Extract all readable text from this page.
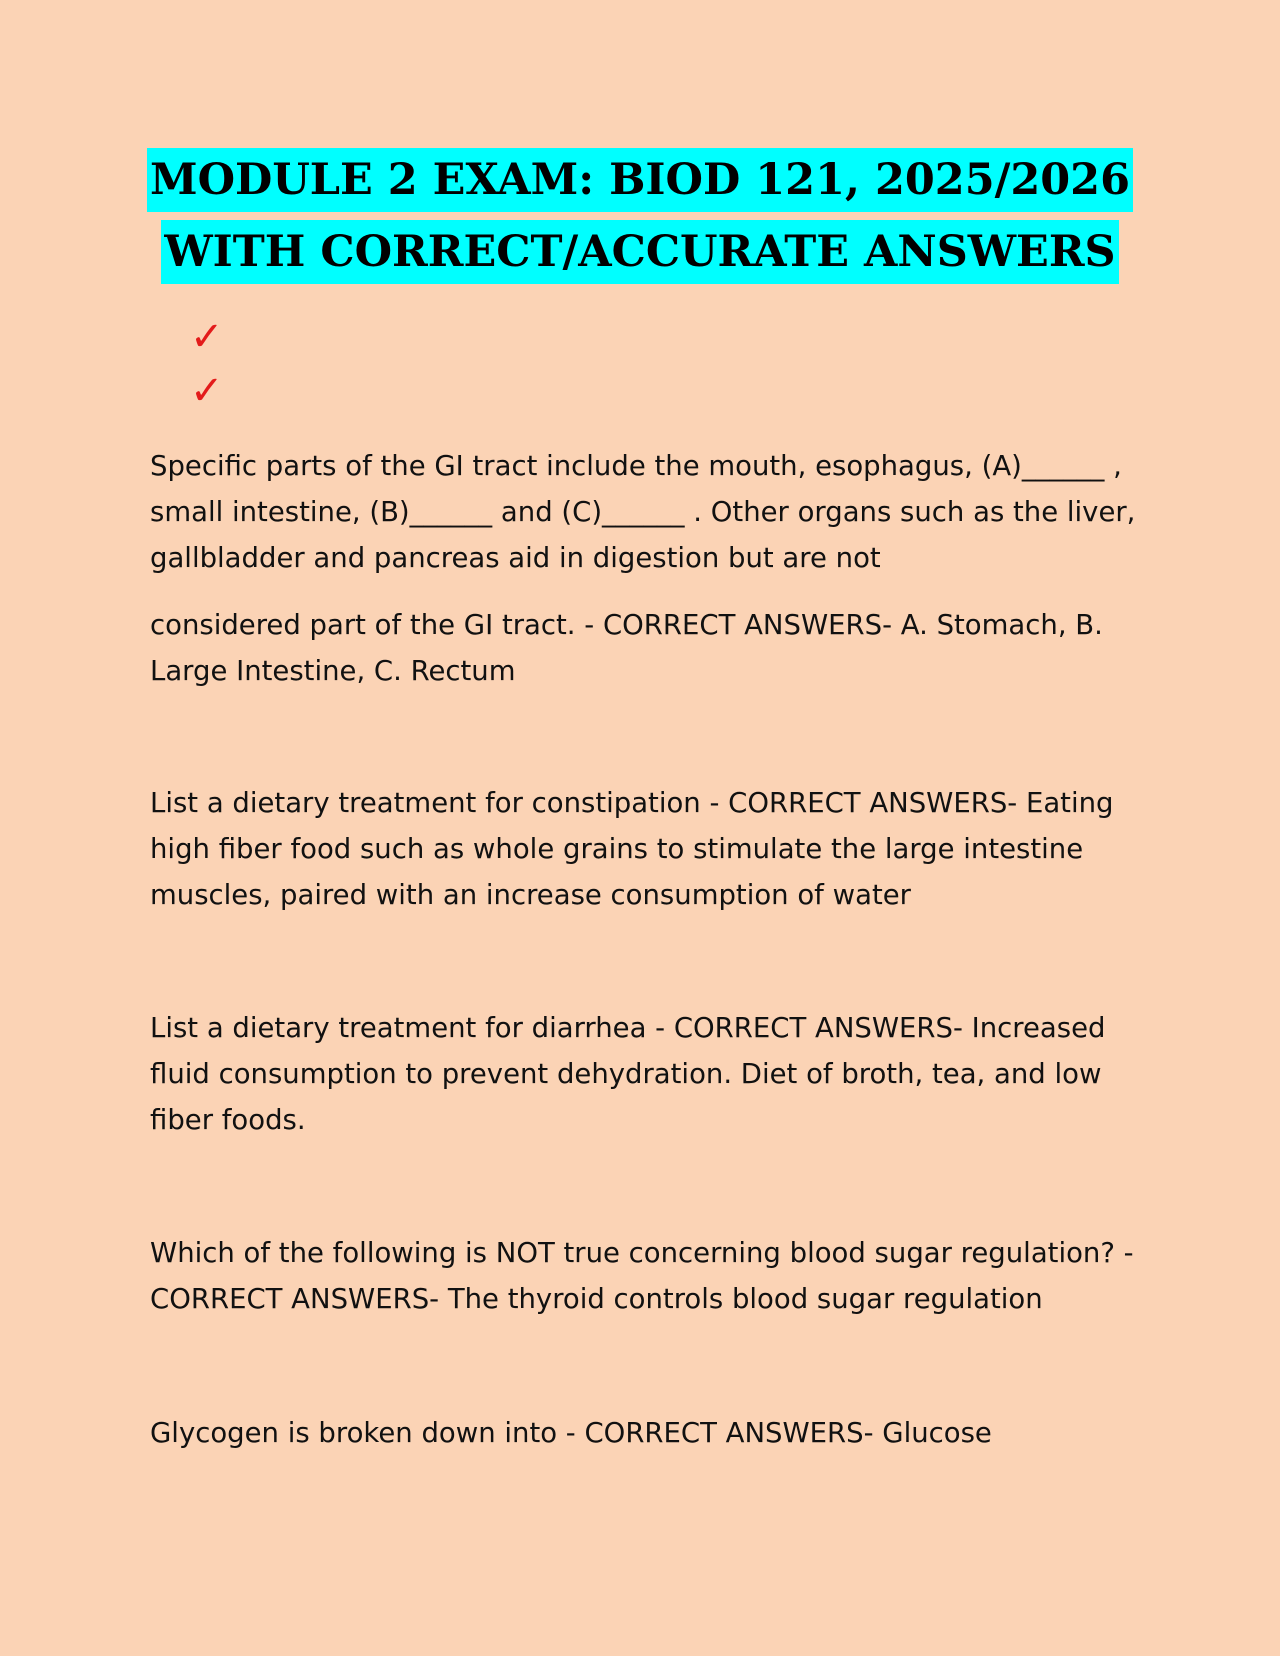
MODULE 2 EXAM: BIOD 121, 2025/2026
WITH CORRECT/ACCURATE ANSWERS
✓
✓

Specific parts of the GI tract include the mouth, esophagus, (A)______ , small intestine, (B)______ and (C)______ . Other organs such as the liver, gallbladder and pancreas aid in digestion but are not

considered part of the GI tract. - CORRECT ANSWERS- A. Stomach, B. Large Intestine, C. Rectum

List a dietary treatment for constipation - CORRECT ANSWERS- Eating high fiber food such as whole grains to stimulate the large intestine muscles, paired with an increase consumption of water

List a dietary treatment for diarrhea - CORRECT ANSWERS- Increased fluid consumption to prevent dehydration. Diet of broth, tea, and low fiber foods.

Which of the following is NOT true concerning blood sugar regulation? - CORRECT ANSWERS- The thyroid controls blood sugar regulation

Glycogen is broken down into - CORRECT ANSWERS- Glucose
